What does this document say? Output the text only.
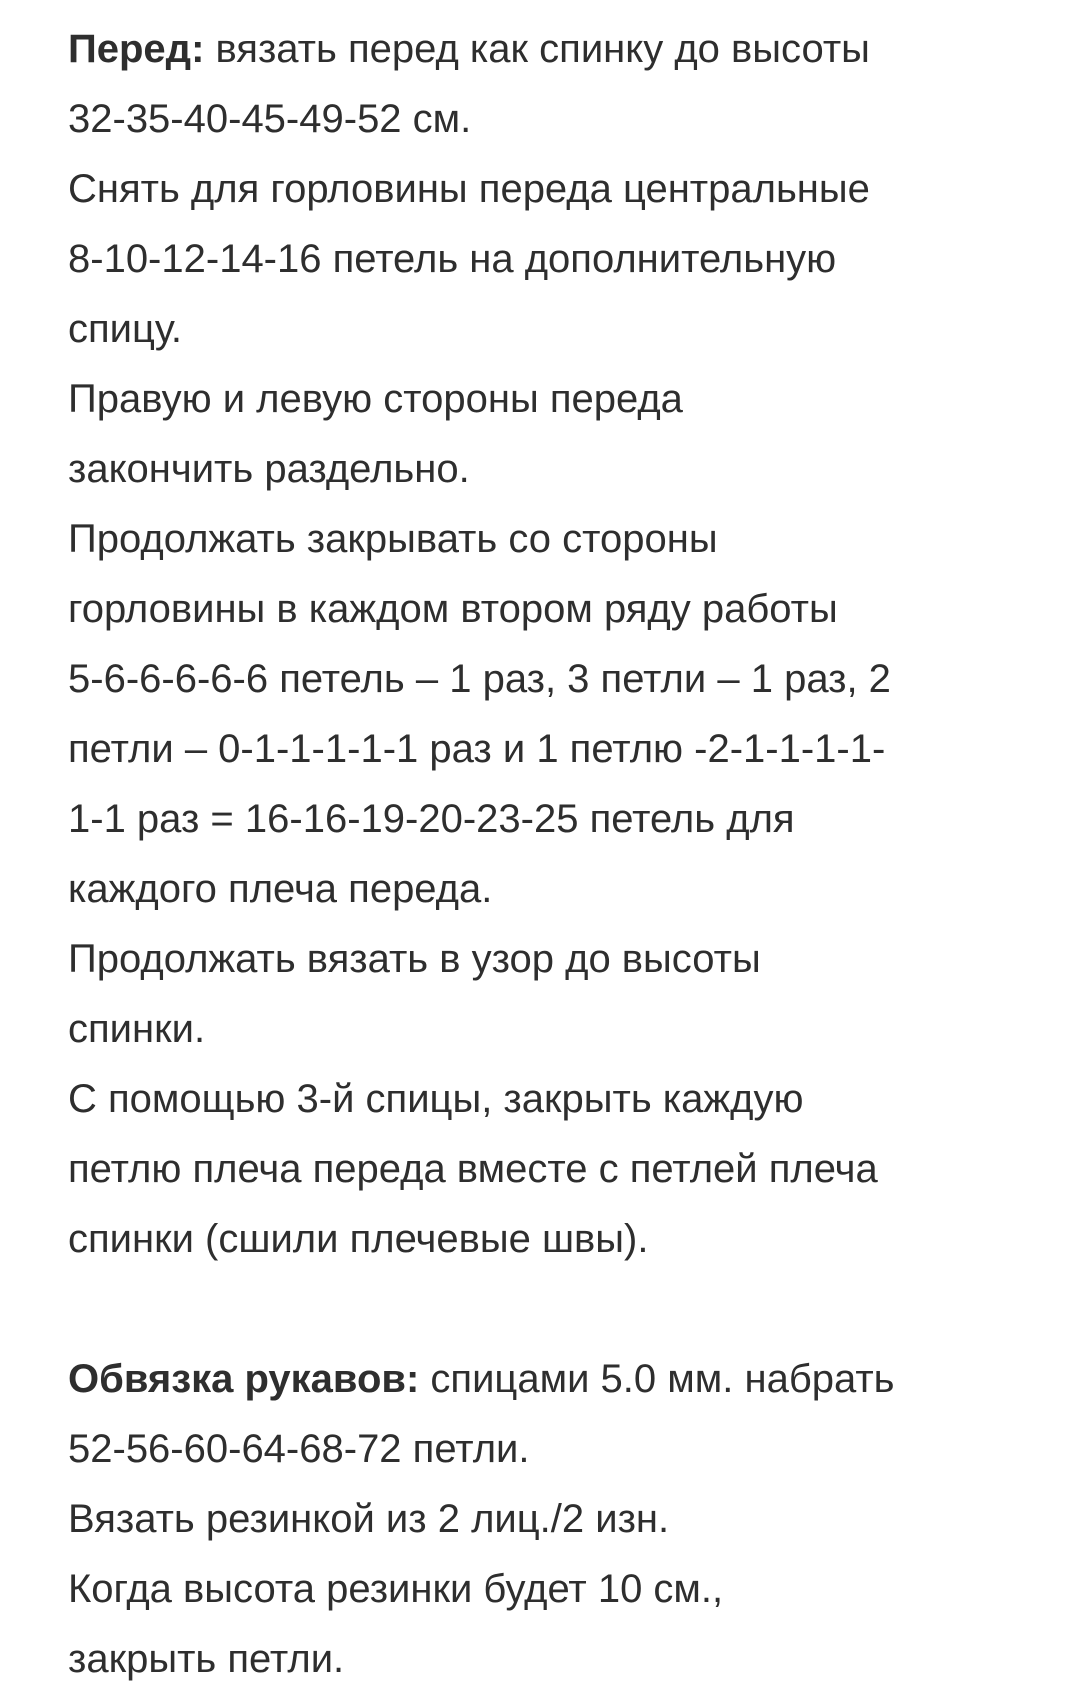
Перед: вязать перед как спинку до высоты
32-35-40-45-49-52 см.
Снять для горловины переда центральные
8-10-12-14-16 петель на дополнительную
спицу.
Правую и левую стороны переда
закончить раздельно.
Продолжать закрывать со стороны
горловины в каждом втором ряду работы
5-6-6-6-6-6 петель – 1 раз, 3 петли – 1 раз, 2
петли – 0-1-1-1-1-1 раз и 1 петлю -2-1-1-1-1-
1-1 раз = 16-16-19-20-23-25 петель для
каждого плеча переда.
Продолжать вязать в узор до высоты
спинки.
С помощью 3-й спицы, закрыть каждую
петлю плеча переда вместе с петлей плеча
спинки (сшили плечевые швы).
Обвязка рукавов: спицами 5.0 мм. набрать
52-56-60-64-68-72 петли.
Вязать резинкой из 2 лиц./2 изн.
Когда высота резинки будет 10 см.,
закрыть петли.
